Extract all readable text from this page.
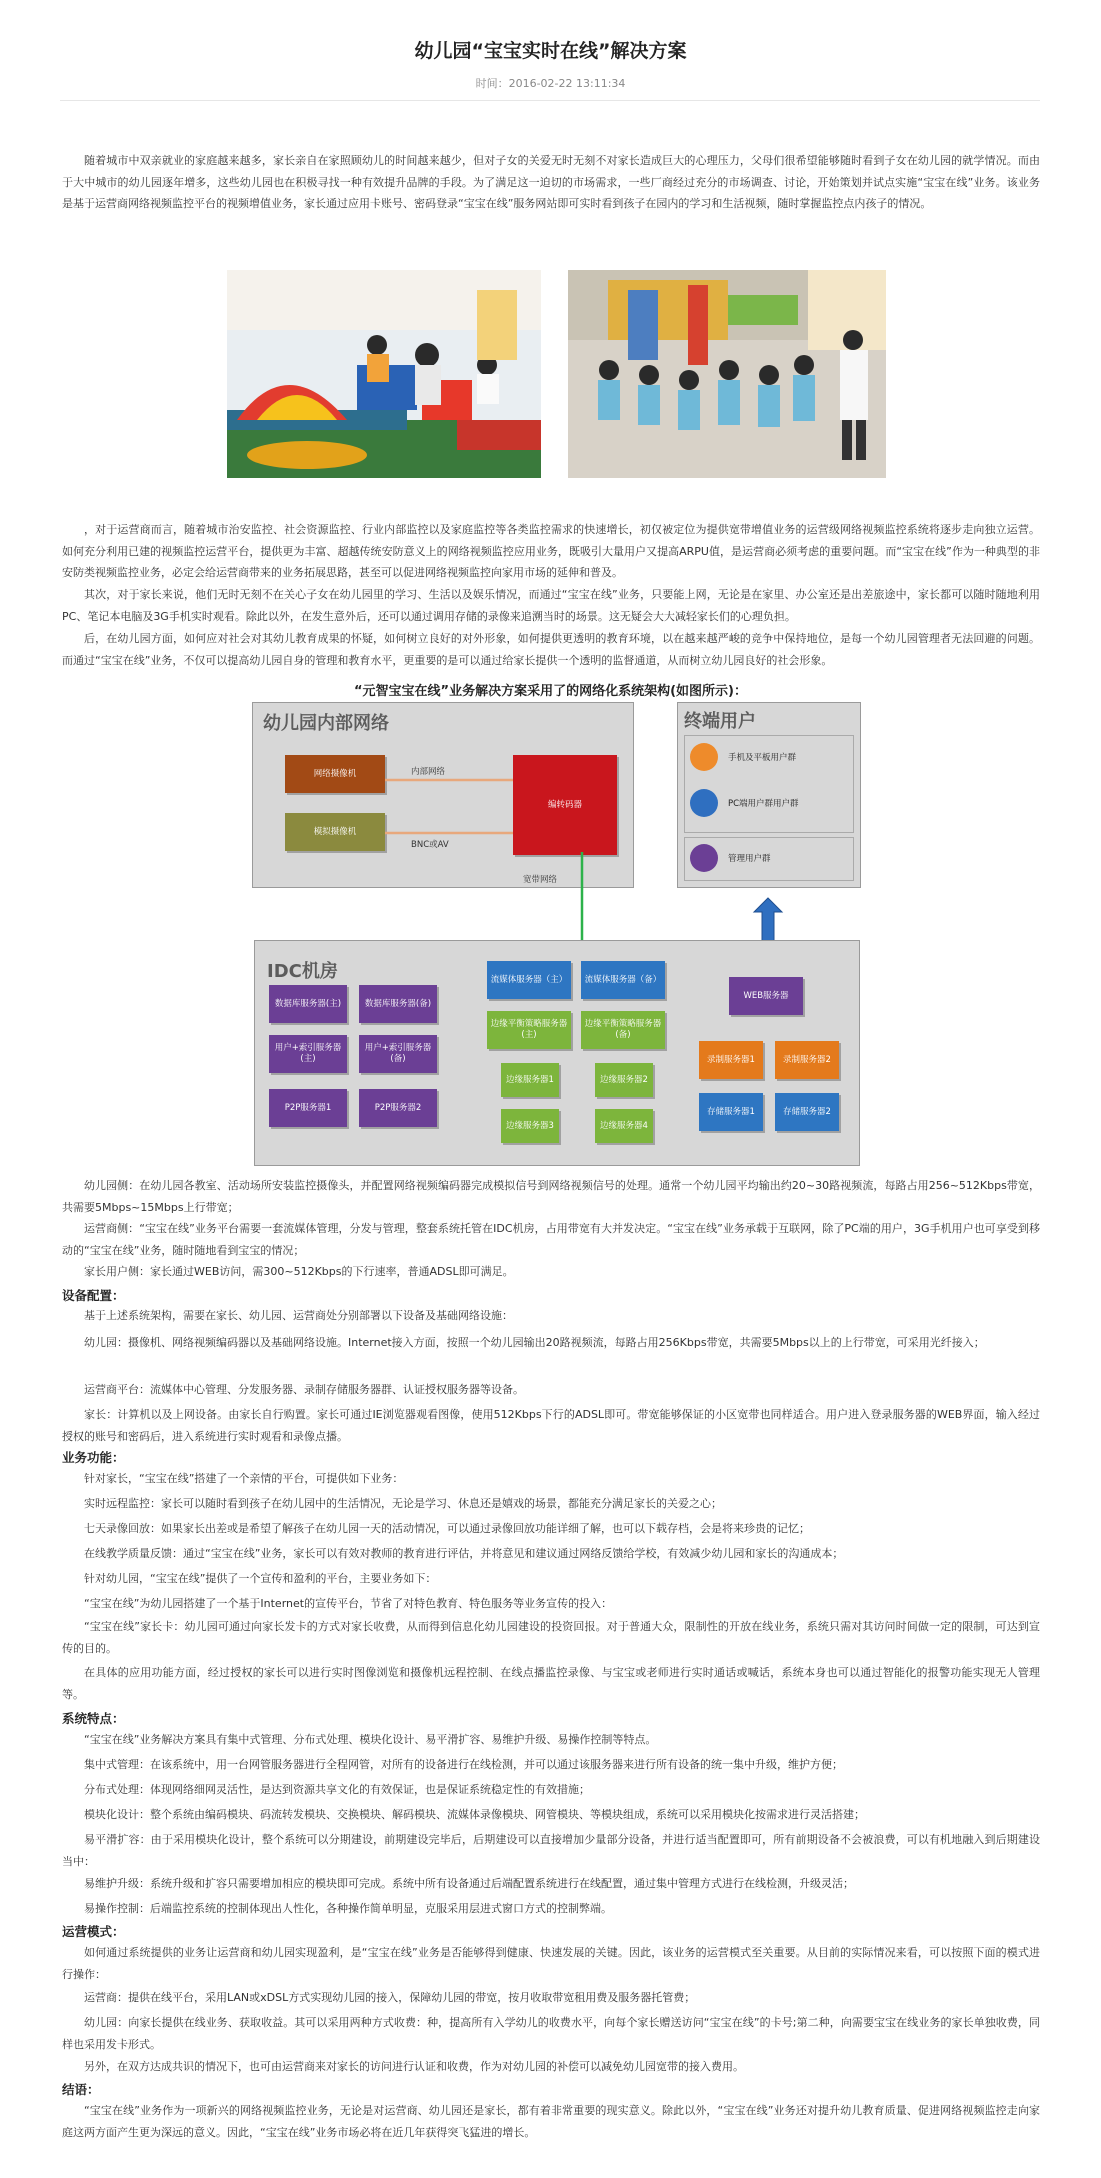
幼儿园“宝宝实时在线”解决方案
时间：2016-02-22 13:11:34

随着城市中双亲就业的家庭越来越多，家长亲自在家照顾幼儿的时间越来越少，但对子女的关爱无时无刻不对家长造成巨大的心理压力，父母们很希望能够随时看到子女在幼儿园的就学情况。而由于大中城市的幼儿园逐年增多，这些幼儿园也在积极寻找一种有效提升品牌的手段。为了满足这一迫切的市场需求，一些厂商经过充分的市场调查、讨论，开始策划并试点实施“宝宝在线”业务。该业务是基于运营商网络视频监控平台的视频增值业务，家长通过应用卡账号、密码登录“宝宝在线”服务网站即可实时看到孩子在园内的学习和生活视频，随时掌握监控点内孩子的情况。

，对于运营商而言，随着城市治安监控、社会资源监控、行业内部监控以及家庭监控等各类监控需求的快速增长，初仅被定位为提供宽带增值业务的运营级网络视频监控系统将逐步走向独立运营。如何充分利用已建的视频监控运营平台，提供更为丰富、超越传统安防意义上的网络视频监控应用业务，既吸引大量用户又提高ARPU值，是运营商必须考虑的重要问题。而“宝宝在线”作为一种典型的非安防类视频监控业务，必定会给运营商带来的业务拓展思路，甚至可以促进网络视频监控向家用市场的延伸和普及。

其次，对于家长来说，他们无时无刻不在关心子女在幼儿园里的学习、生活以及娱乐情况，而通过“宝宝在线”业务，只要能上网，无论是在家里、办公室还是出差旅途中，家长都可以随时随地利用PC、笔记本电脑及3G手机实时观看。除此以外，在发生意外后，还可以通过调用存储的录像来追溯当时的场景。这无疑会大大减轻家长们的心理负担。

后，在幼儿园方面，如何应对社会对其幼儿教育成果的怀疑，如何树立良好的对外形象，如何提供更透明的教育环境，以在越来越严峻的竞争中保持地位，是每一个幼儿园管理者无法回避的问题。而通过“宝宝在线”业务，不仅可以提高幼儿园自身的管理和教育水平，更重要的是可以通过给家长提供一个透明的监督通道，从而树立幼儿园良好的社会形象。

“元智宝宝在线”业务解决方案采用了的网络化系统架构(如图所示)：
幼儿园内部网络
网络摄像机
模拟摄像机
编转码器
内部网络
BNC或AV
宽带网络
终端用户
手机及平板用户群
PC端用户群用户群
管理用户群
IDC机房
数据库服务器(主)	数据库服务器(备)
用户+索引服务器(主)
用户+索引服务器(备)
P2P服务器1	P2P服务器2
流媒体服务器（主）	流媒体服务器（备）
边缘平衡策略服务器(主)
边缘平衡策略服务器(备)
边缘服务器1	边缘服务器2
边缘服务器3	边缘服务器4
WEB服务器
录制服务器1	录制服务器2
存储服务器1	存储服务器2

幼儿园侧：在幼儿园各教室、活动场所安装监控摄像头，并配置网络视频编码器完成模拟信号到网络视频信号的处理。通常一个幼儿园平均输出约20~30路视频流，每路占用256~512Kbps带宽，共需要5Mbps~15Mbps上行带宽；

运营商侧：“宝宝在线”业务平台需要一套流媒体管理，分发与管理，整套系统托管在IDC机房，占用带宽有大并发决定。“宝宝在线”业务承载于互联网，除了PC端的用户，3G手机用户也可享受到移动的“宝宝在线”业务，随时随地看到宝宝的情况；

家长用户侧：家长通过WEB访问，需300~512Kbps的下行速率，普通ADSL即可满足。

设备配置：

基于上述系统架构，需要在家长、幼儿园、运营商处分别部署以下设备及基础网络设施：

幼儿园：摄像机、网络视频编码器以及基础网络设施。Internet接入方面，按照一个幼儿园输出20路视频流，每路占用256Kbps带宽，共需要5Mbps以上的上行带宽，可采用光纤接入；

运营商平台：流媒体中心管理、分发服务器、录制存储服务器群、认证授权服务器等设备。

家长：计算机以及上网设备。由家长自行购置。家长可通过IE浏览器观看图像，使用512Kbps下行的ADSL即可。带宽能够保证的小区宽带也同样适合。用户进入登录服务器的WEB界面，输入经过授权的账号和密码后，进入系统进行实时观看和录像点播。

业务功能：

针对家长，“宝宝在线”搭建了一个亲情的平台，可提供如下业务：

实时远程监控：家长可以随时看到孩子在幼儿园中的生活情况，无论是学习、休息还是嬉戏的场景，都能充分满足家长的关爱之心；

七天录像回放：如果家长出差或是希望了解孩子在幼儿园一天的活动情况，可以通过录像回放功能详细了解，也可以下载存档，会是将来珍贵的记忆；

在线教学质量反馈：通过“宝宝在线”业务，家长可以有效对教师的教育进行评估，并将意见和建议通过网络反馈给学校，有效减少幼儿园和家长的沟通成本；

针对幼儿园，“宝宝在线”提供了一个宣传和盈利的平台，主要业务如下：

“宝宝在线”为幼儿园搭建了一个基于Internet的宣传平台，节省了对特色教育、特色服务等业务宣传的投入：

“宝宝在线”家长卡：幼儿园可通过向家长发卡的方式对家长收费，从而得到信息化幼儿园建设的投资回报。对于普通大众，限制性的开放在线业务，系统只需对其访问时间做一定的限制，可达到宣传的目的。

在具体的应用功能方面，经过授权的家长可以进行实时图像浏览和摄像机远程控制、在线点播监控录像、与宝宝或老师进行实时通话或喊话，系统本身也可以通过智能化的报警功能实现无人管理等。

系统特点：

“宝宝在线”业务解决方案具有集中式管理、分布式处理、模块化设计、易平滑扩容、易维护升级、易操作控制等特点。

集中式管理：在该系统中，用一台网管服务器进行全程网管，对所有的设备进行在线检测，并可以通过该服务器来进行所有设备的统一集中升级，维护方便；

分布式处理：体现网络细网灵活性，是达到资源共享文化的有效保证，也是保证系统稳定性的有效措施；

模块化设计：整个系统由编码模块、码流转发模块、交换模块、解码模块、流媒体录像模块、网管模块、等模块组成，系统可以采用模块化按需求进行灵活搭建；

易平滑扩容：由于采用模块化设计，整个系统可以分期建设，前期建设完毕后，后期建设可以直接增加少量部分设备，并进行适当配置即可，所有前期设备不会被浪费，可以有机地融入到后期建设当中：

易维护升级：系统升级和扩容只需要增加相应的模块即可完成。系统中所有设备通过后端配置系统进行在线配置，通过集中管理方式进行在线检测，升级灵活；

易操作控制：后端监控系统的控制体现出人性化，各种操作简单明显，克服采用层进式窗口方式的控制弊端。

运营模式：

如何通过系统提供的业务让运营商和幼儿园实现盈利，是“宝宝在线”业务是否能够得到健康、快速发展的关键。因此，该业务的运营模式至关重要。从目前的实际情况来看，可以按照下面的模式进行操作：

运营商：提供在线平台，采用LAN或xDSL方式实现幼儿园的接入，保障幼儿园的带宽，按月收取带宽租用费及服务器托管费；

幼儿园：向家长提供在线业务、获取收益。其可以采用两种方式收费：种，提高所有入学幼儿的收费水平，向每个家长赠送访问“宝宝在线”的卡号;第二种，向需要宝宝在线业务的家长单独收费，同样也采用发卡形式。

另外，在双方达成共识的情况下，也可由运营商来对家长的访问进行认证和收费，作为对幼儿园的补偿可以减免幼儿园宽带的接入费用。

结语：

“宝宝在线”业务作为一项新兴的网络视频监控业务，无论是对运营商、幼儿园还是家长，都有着非常重要的现实意义。除此以外，“宝宝在线”业务还对提升幼儿教育质量、促进网络视频监控走向家庭这两方面产生更为深远的意义。因此，“宝宝在线”业务市场必将在近几年获得突飞猛进的增长。
